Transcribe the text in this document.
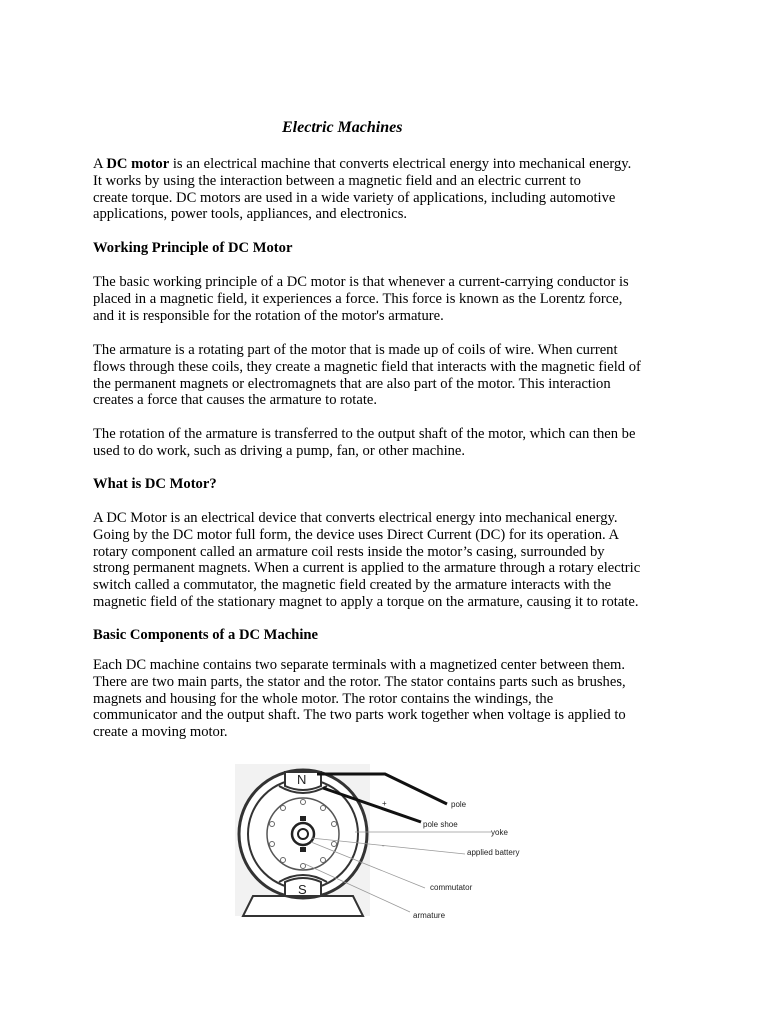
Electric Machines
A DC motor is an electrical machine that converts electrical energy into mechanical energy.
It works by using the interaction between a magnetic field and an electric current to
create torque. DC motors are used in a wide variety of applications, including automotive
applications, power tools, appliances, and electronics.
Working Principle of DC Motor
The basic working principle of a DC motor is that whenever a current-carrying conductor is
placed in a magnetic field, it experiences a force. This force is known as the Lorentz force,
and it is responsible for the rotation of the motor's armature.
The armature is a rotating part of the motor that is made up of coils of wire. When current
flows through these coils, they create a magnetic field that interacts with the magnetic field of
the permanent magnets or electromagnets that are also part of the motor. This interaction
creates a force that causes the armature to rotate.
The rotation of the armature is transferred to the output shaft of the motor, which can then be
used to do work, such as driving a pump, fan, or other machine.
What is DC Motor?
A DC Motor is an electrical device that converts electrical energy into mechanical energy.
Going by the DC motor full form, the device uses Direct Current (DC) for its operation. A
rotary component called an armature coil rests inside the motor’s casing, surrounded by
strong permanent magnets. When a current is applied to the armature through a rotary electric
switch called a commutator, the magnetic field created by the armature interacts with the
magnetic field of the stationary magnet to apply a torque on the armature, causing it to rotate.
Basic Components of a DC Machine
Each DC machine contains two separate terminals with a magnetized center between them.
There are two main parts, the stator and the rotor. The stator contains parts such as brushes,
magnets and housing for the whole motor. The rotor contains the windings, the
communicator and the output shaft. The two parts work together when voltage is applied to
create a moving motor.
N
S
+	pole
pole shoe
yoke
applied battery
commutator
armature
